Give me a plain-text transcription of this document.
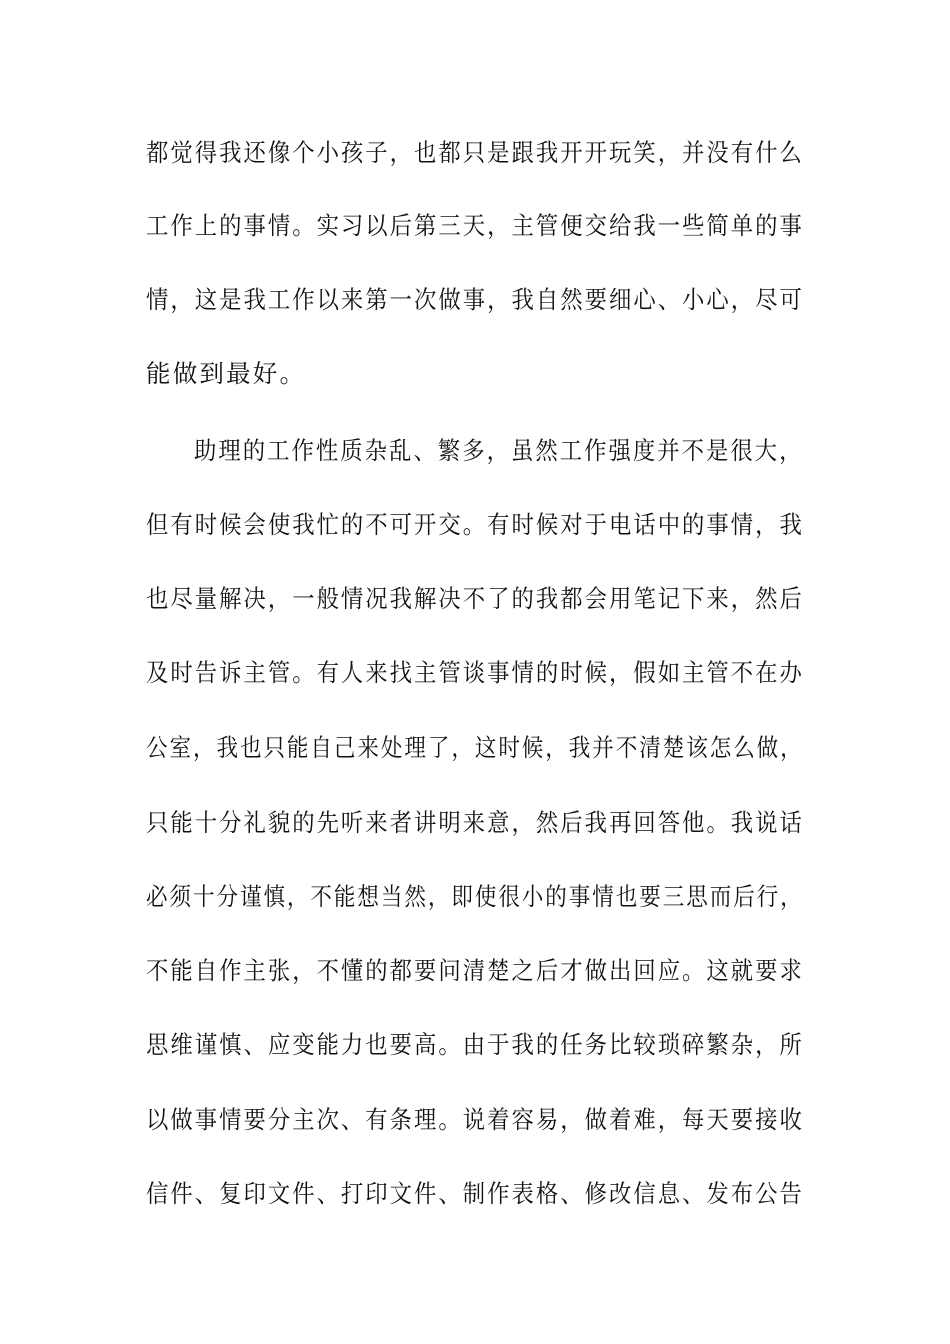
都觉得我还像个小孩子，也都只是跟我开开玩笑，并没有什么
工作上的事情。实习以后第三天，主管便交给我一些简单的事
情，这是我工作以来第一次做事，我自然要细心、小心，尽可
能做到最好。
助理的工作性质杂乱、繁多，虽然工作强度并不是很大，
但有时候会使我忙的不可开交。有时候对于电话中的事情，我
也尽量解决，一般情况我解决不了的我都会用笔记下来，然后
及时告诉主管。有人来找主管谈事情的时候，假如主管不在办
公室，我也只能自己来处理了，这时候，我并不清楚该怎么做，
只能十分礼貌的先听来者讲明来意，然后我再回答他。我说话
必须十分谨慎，不能想当然，即使很小的事情也要三思而后行，
不能自作主张，不懂的都要问清楚之后才做出回应。这就要求
思维谨慎、应变能力也要高。由于我的任务比较琐碎繁杂，所
以做事情要分主次、有条理。说着容易，做着难，每天要接收
信件、复印文件、打印文件、制作表格、修改信息、发布公告
